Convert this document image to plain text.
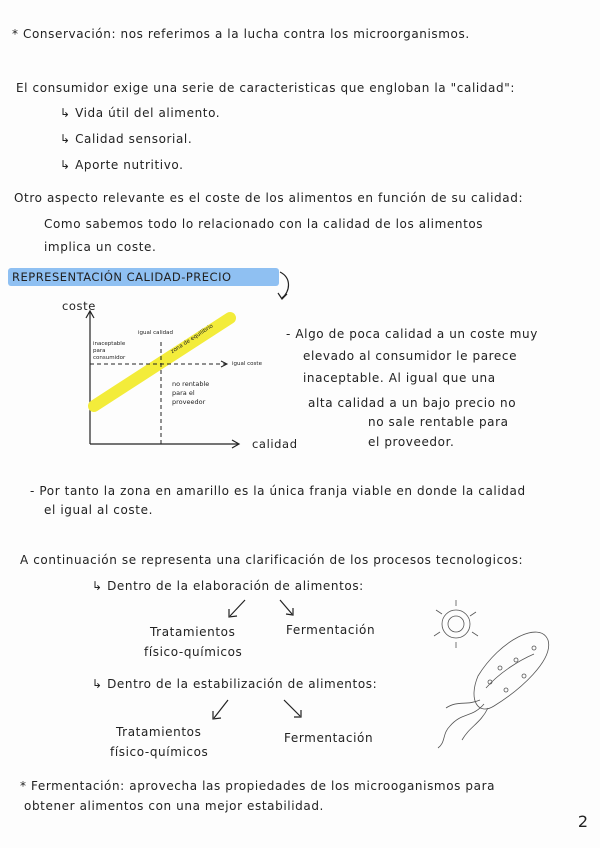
* Conservación: nos referimos a la lucha contra los microorganismos.
El consumidor exige una serie de caracteristicas que engloban la "calidad":
↳ Vida útil del alimento.
↳ Calidad sensorial.
↳ Aporte nutritivo.
Otro aspecto relevante es el coste de los alimentos en función de su calidad:
Como sabemos todo lo relacionado con la calidad de los alimentos
implica un coste.
REPRESENTACIÓN CALIDAD-PRECIO
coste
calidad
inaceptable
para
consumidor
igual calidad
igual coste
zona de equilibrio
no rentable
para el
proveedor
- Algo de poca calidad a un coste muy
elevado al consumidor le parece
inaceptable. Al igual que una
alta calidad a un bajo precio no
no sale rentable para
el proveedor.
- Por tanto la zona en amarillo es la única franja viable en donde la calidad
el igual al coste.
A continuación se representa una clarificación de los procesos tecnologicos:
↳ Dentro de la elaboración de alimentos:
Tratamientos
físico-químicos
Fermentación
↳ Dentro de la estabilización de alimentos:
Tratamientos
físico-químicos
Fermentación
* Fermentación: aprovecha las propiedades de los microoganismos para
obtener alimentos con una mejor estabilidad.
2
